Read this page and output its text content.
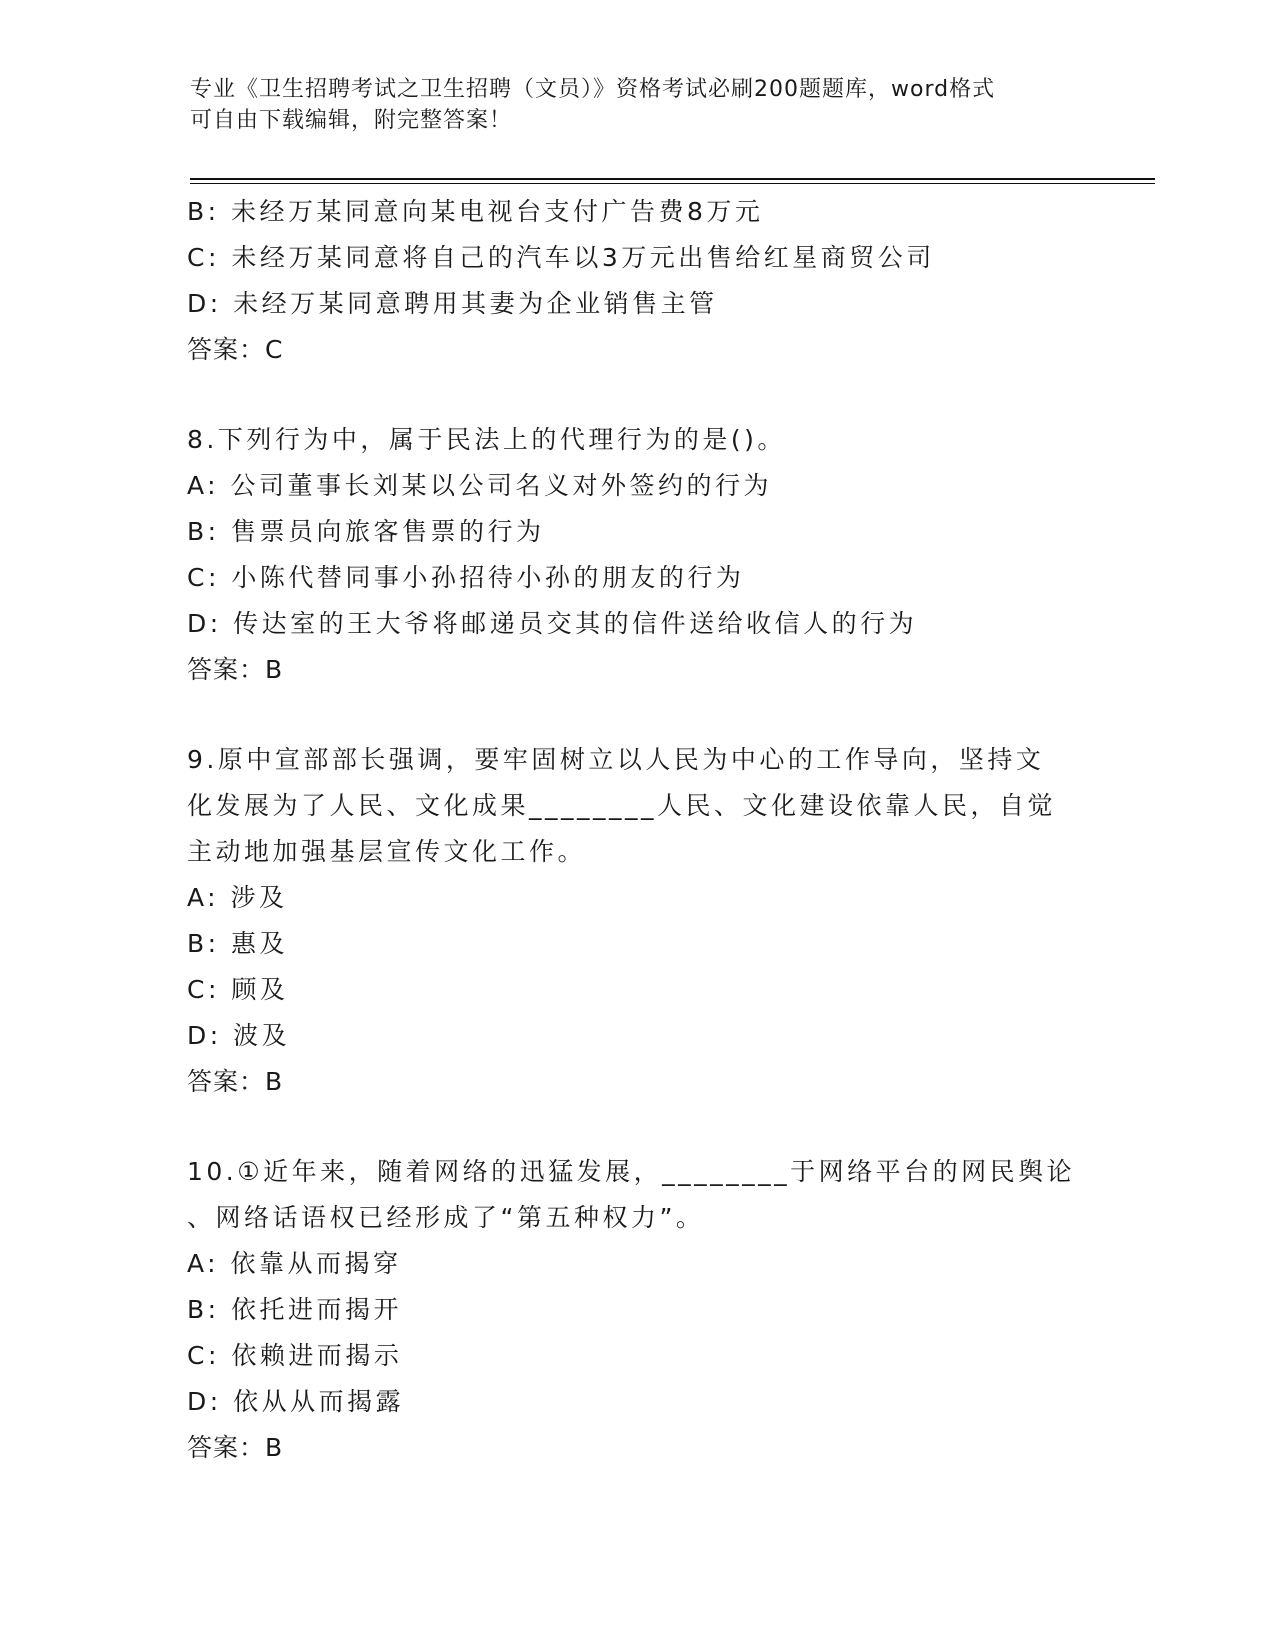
专业《卫生招聘考试之卫生招聘（文员）》资格考试必刷200题题库，word格式
可自由下载编辑，附完整答案！
B: 未经万某同意向某电视台支付广告费8万元
C: 未经万某同意将自己的汽车以3万元出售给红星商贸公司
D: 未经万某同意聘用其妻为企业销售主管
答案：C
8.下列行为中，属于民法上的代理行为的是()。
A: 公司董事长刘某以公司名义对外签约的行为
B: 售票员向旅客售票的行为
C: 小陈代替同事小孙招待小孙的朋友的行为
D: 传达室的王大爷将邮递员交其的信件送给收信人的行为
答案：B
9.原中宣部部长强调，要牢固树立以人民为中心的工作导向，坚持文
化发展为了人民、文化成果________人民、文化建设依靠人民，自觉
主动地加强基层宣传文化工作。
A: 涉及
B: 惠及
C: 顾及
D: 波及
答案：B
10.①近年来，随着网络的迅猛发展，________于网络平台的网民舆论
、网络话语权已经形成了“第五种权力”。
A: 依靠从而揭穿
B: 依托进而揭开
C: 依赖进而揭示
D: 依从从而揭露
答案：B
